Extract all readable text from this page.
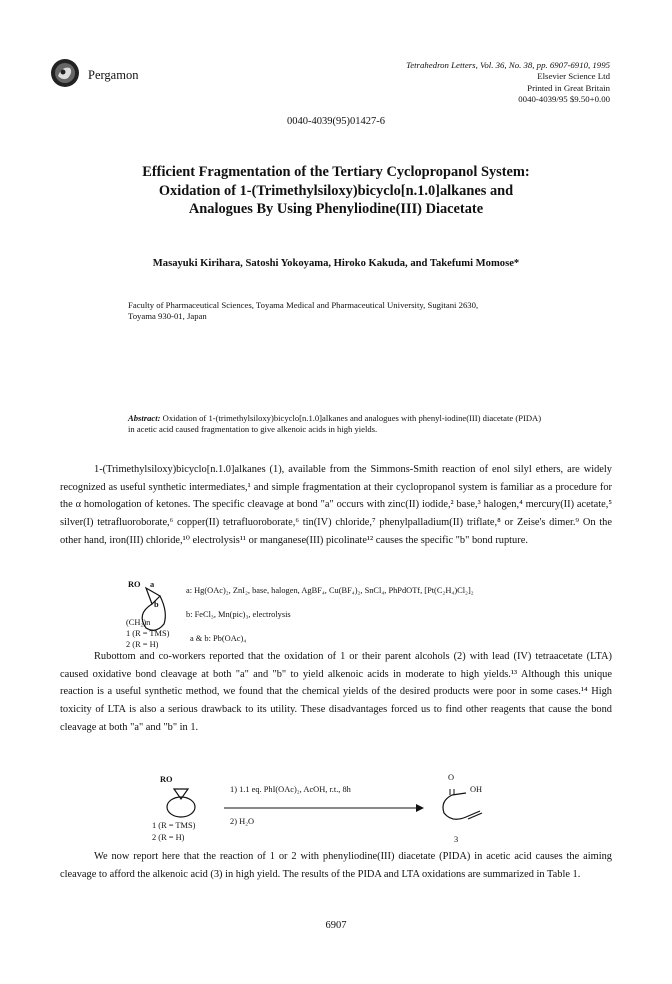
Pergamon
Tetrahedron Letters, Vol. 36, No. 38, pp. 6907-6910, 1995
Elsevier Science Ltd
Printed in Great Britain
0040-4039/95 $9.50+0.00
0040-4039(95)01427-6
Efficient Fragmentation of the Tertiary Cyclopropanol System:
Oxidation of 1-(Trimethylsiloxy)bicyclo[n.1.0]alkanes and
Analogues By Using Phenyliodine(III) Diacetate
Masayuki Kirihara, Satoshi Yokoyama, Hiroko Kakuda, and Takefumi Momose*
Faculty of Pharmaceutical Sciences, Toyama Medical and Pharmaceutical University, Sugitani 2630,
Toyama 930-01, Japan
Abstract: Oxidation of 1-(trimethylsiloxy)bicyclo[n.1.0]alkanes and analogues with phenyl-iodine(III) diacetate (PIDA) in acetic acid caused fragmentation to give alkenoic acids in high yields.

1-(Trimethylsiloxy)bicyclo[n.1.0]alkanes (1), available from the Simmons-Smith reaction of enol silyl ethers, are widely recognized as useful synthetic intermediates,¹ and simple fragmentation at their cyclopropanol system is familiar as a procedure for the α homologation of ketones. The specific cleavage at bond "a" occurs with zinc(II) iodide,² base,³ halogen,⁴ mercury(II) acetate,⁵ silver(I) tetrafluoroborate,⁶ copper(II) tetrafluoroborate,⁶ tin(IV) chloride,⁷ phenylpalladium(II) triflate,⁸ or Zeise's dimer.⁹ On the other hand, iron(III) chloride,¹⁰ electrolysis¹¹ or manganese(III) picolinate¹² causes the specific "b" bond rupture.

RO a
b
(CH₂)n
1 (R = TMS)
2 (R = H)
a: Hg(OAc)₂, ZnI₂, base, halogen, AgBF₄, Cu(BF₄)₂, SnCl₄, PhPdOTf, [Pt(C₂H₄)Cl₂]₂
b: FeCl₃, Mn(pic)₃, electrolysis
a & b: Pb(OAc)₄

Rubottom and co-workers reported that the oxidation of 1 or their parent alcohols (2) with lead (IV) tetraacetate (LTA) caused oxidative bond cleavage at both "a" and "b" to yield alkenoic acids in moderate to high yields.¹³ Although this unique reaction is a useful synthetic method, we found that the chemical yields of the desired products were poor in some cases.¹⁴ High toxicity of LTA is also a serious drawback to its utility. These disadvantages forced us to find other reagents that cause the bond cleavage at both "a" and "b" in 1.

RO
1 (R = TMS)
2 (R = H)
1) 1.1 eq. PhI(OAc)₂, AcOH, r.t., 8h
2) H₂O
O
OH
3

We now report here that the reaction of 1 or 2 with phenyliodine(III) diacetate (PIDA) in acetic acid causes the aiming cleavage to afford the alkenoic acid (3) in high yield. The results of the PIDA and LTA oxidations are summarized in Table 1.

6907
